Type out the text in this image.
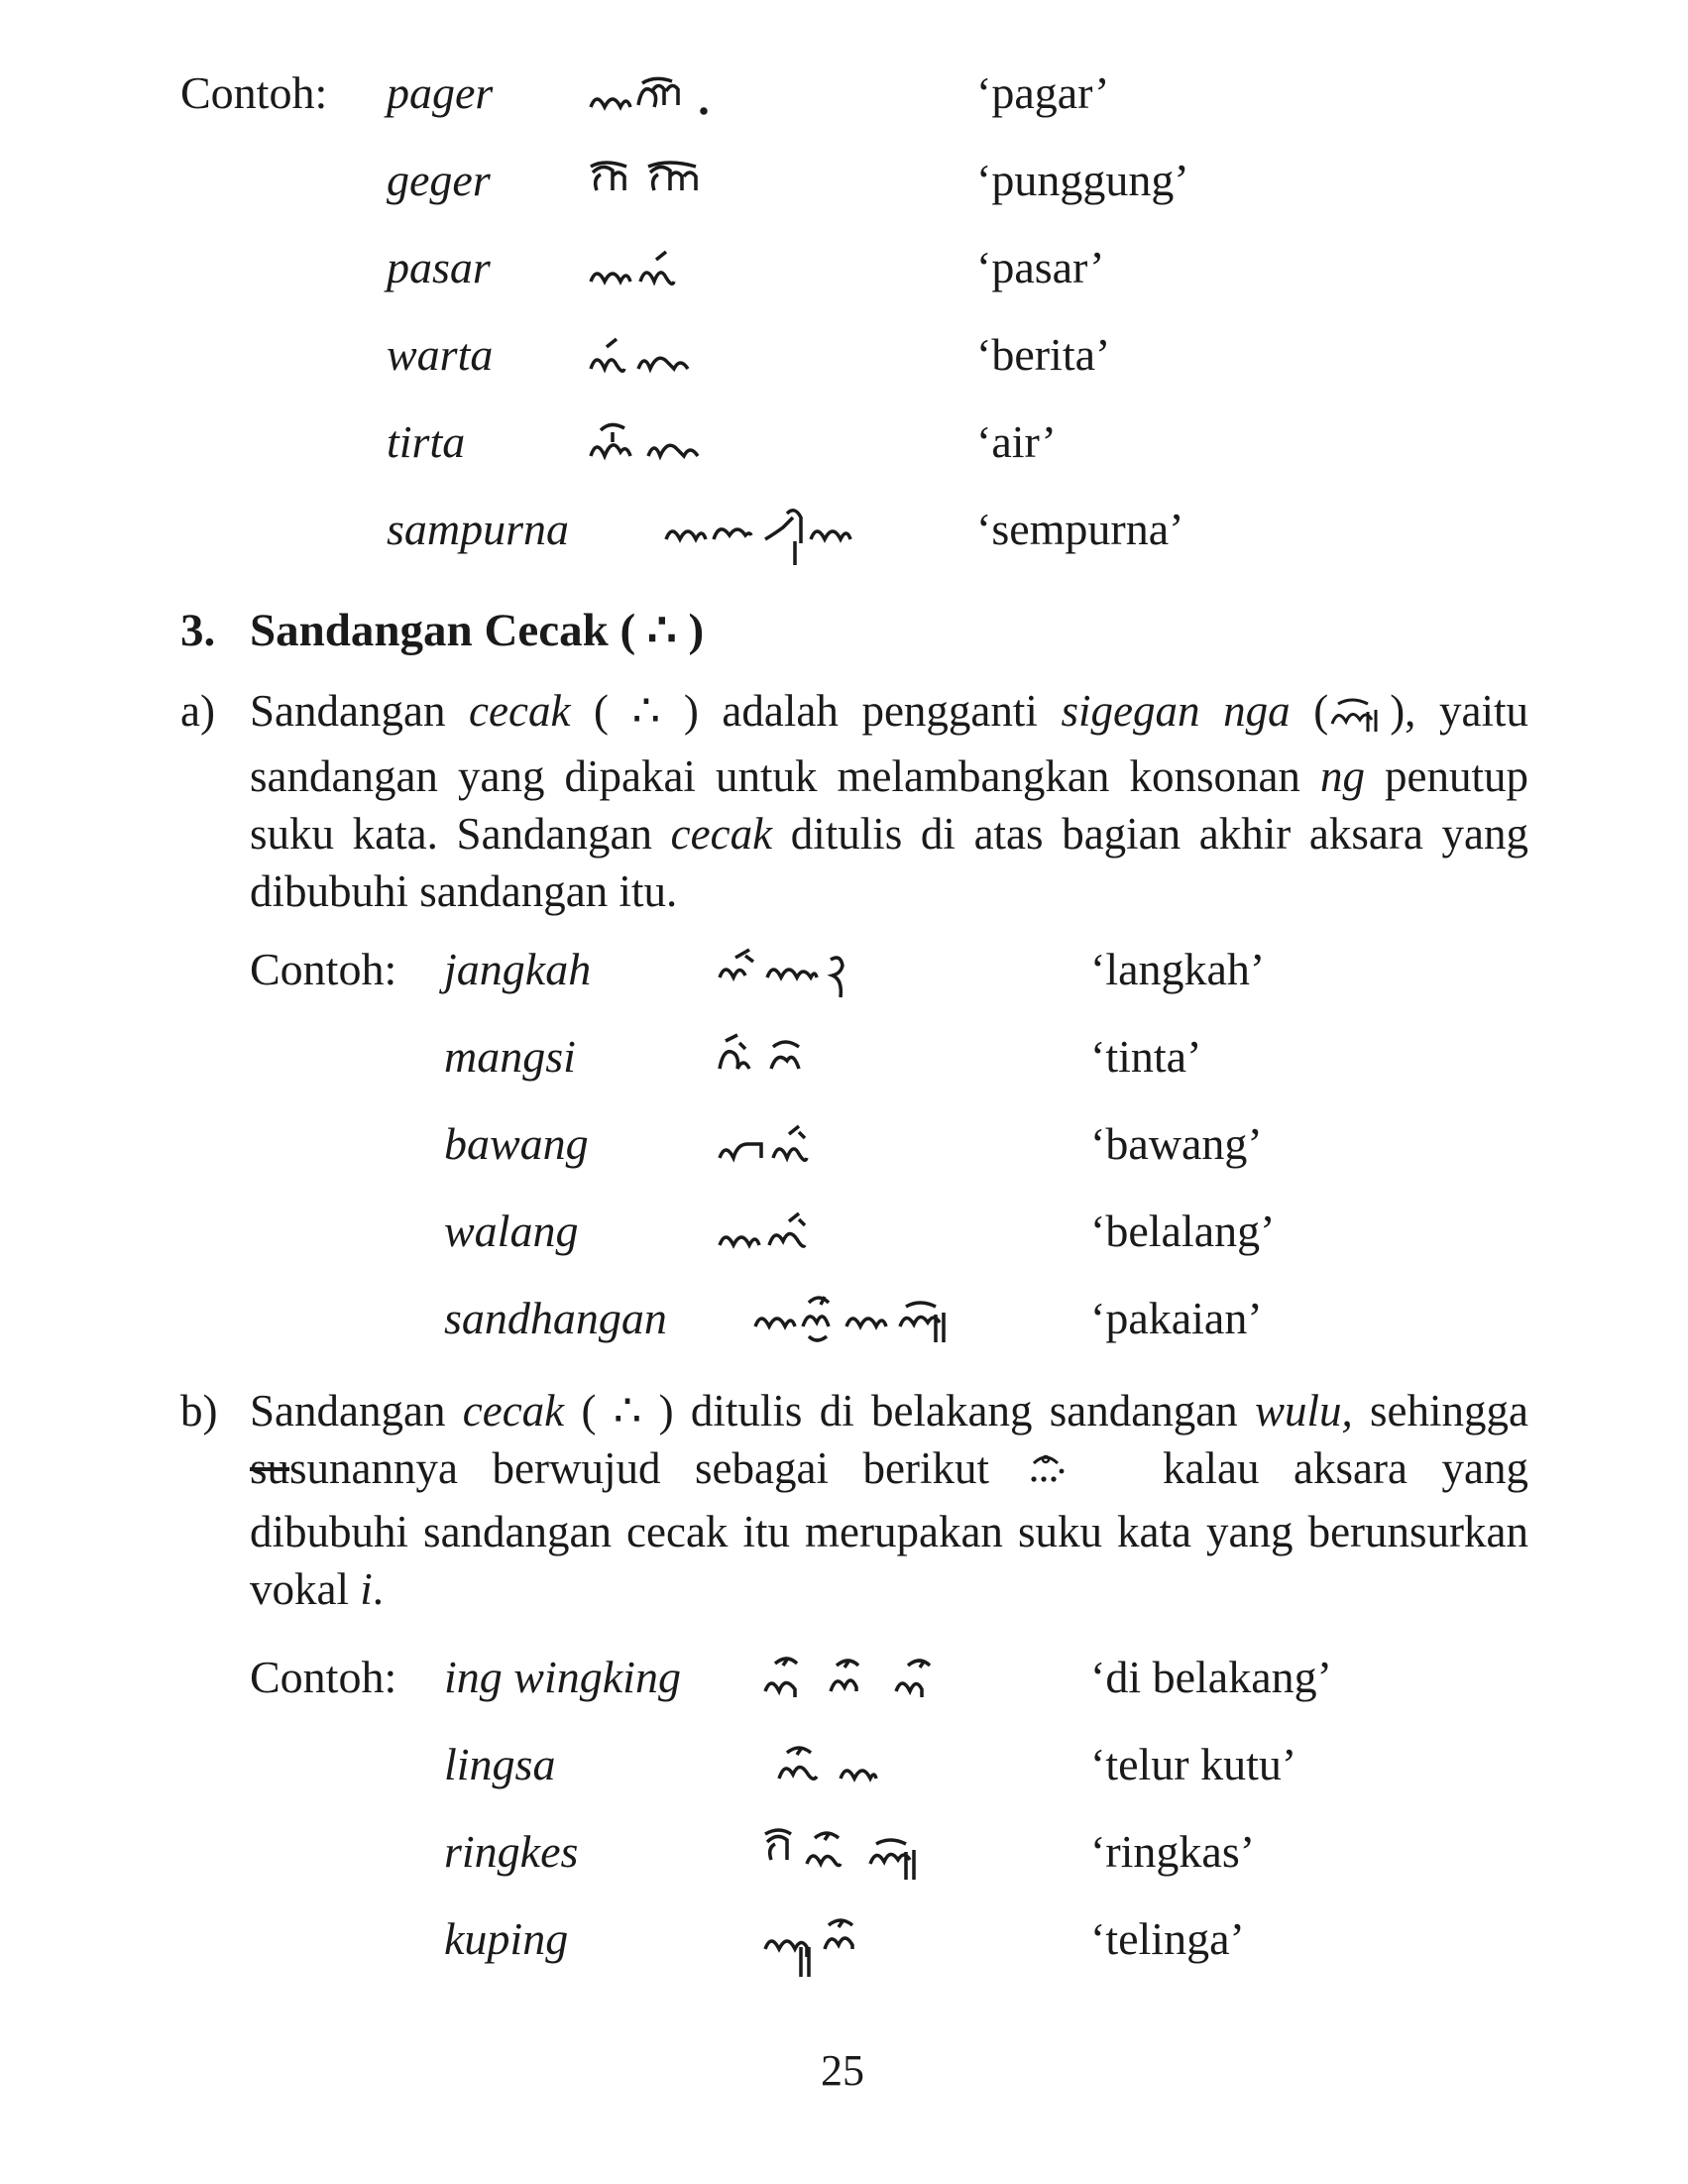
Contoh: pager	‘pagar’
geger	‘punggung’
pasar	‘pasar’
warta	‘berita’
tirta	‘air’
sampurna	‘sempurna’
3. Sandangan Cecak ( ∴ )
a) Sandangan cecak ( ∴ ) adalah pengganti sigegan nga ( ), yaitu sandangan yang dipakai untuk melambangkan konsonan ng penutup suku kata. Sandangan cecak ditulis di atas bagian akhir aksara yang dibubuhi sandangan itu.
Contoh: jangkah	‘langkah’
mangsi	‘tinta’
bawang	‘bawang’
walang	‘belalang’
sandhangan	‘pakaian’
b) Sandangan cecak ( ∴ ) ditulis di belakang sandangan wulu, sehingga susunannya berwujud sebagai berikut  kalau aksara yang dibubuhi sandangan cecak itu merupakan suku kata yang berunsurkan vokal i.
Contoh: ing wingking	‘di belakang’
lingsa	‘telur kutu’
ringkes	‘ringkas’
kuping	‘telinga’
25
